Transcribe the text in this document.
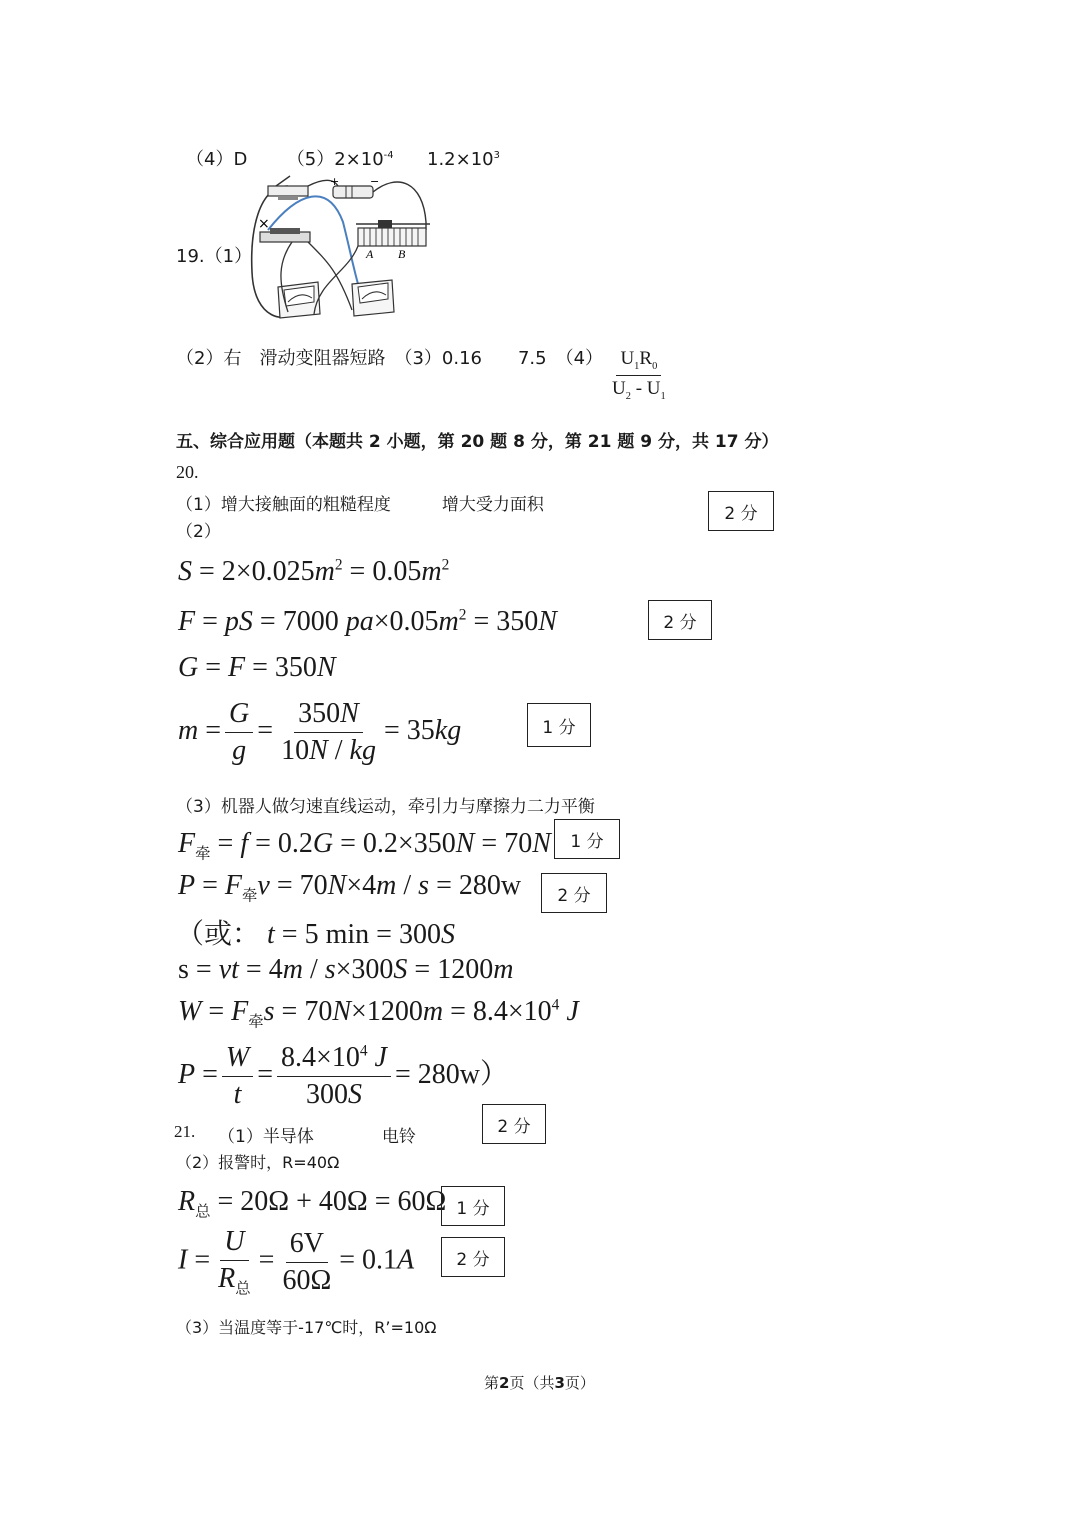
（4）D $(5)2\times 10^{-4}$ $1.2\times 10^3$
19.（1）
+	−
×
A B
（2）右　滑动变阻器短路　（3）0.16　　7.5　$(4) \frac{U_1R_0}{U_2 - U_1}$
五、综合应用题（本题共 2 小题，第 20 题 8 分，第 21 题 9 分，共 17 分）
20.
（1）增大接触面的粗糙程度　　　增大受力面积
（2）
2 分
$S = 2\times 0.025m^2 = 0.05m^2$
F = pS = 7000 $pa\times 0.05m^2 = 350N$	2 分
G = F = 350N
$m = \frac{G}{g} = \frac{350N}{10N / kg} = 35kg$	1 分
（3）机器人做匀速直线运动，牵引力与摩擦力二力平衡
$F_牵 = f = 0.2G = 0.2\times 350N = 70N$	1 分
$P = F_牵v = 70N\times 4m / s = 280w$	2 分
（或： t = 5 min = 300S
s = vt = 4m / s×300S = 1200m
$W = F_牵s = 70N\times 1200m = 8.4\times 10^4$ J
$P = \frac{W}{t} = \frac{8.4\times 10^4 J}{300S} = 280w$）
21. （1）半导体　　　　电铃
2 分
（2）报警时，R=40Ω
$R_总 = 20\Omega + 40\Omega = 60\Omega$ 1 分
$I = \frac{U}{R_总} = \frac{6V}{60\Omega} = 0.1A$	2 分
（3）当温度等于-17℃时，R’=10Ω
第2页（共3页）
